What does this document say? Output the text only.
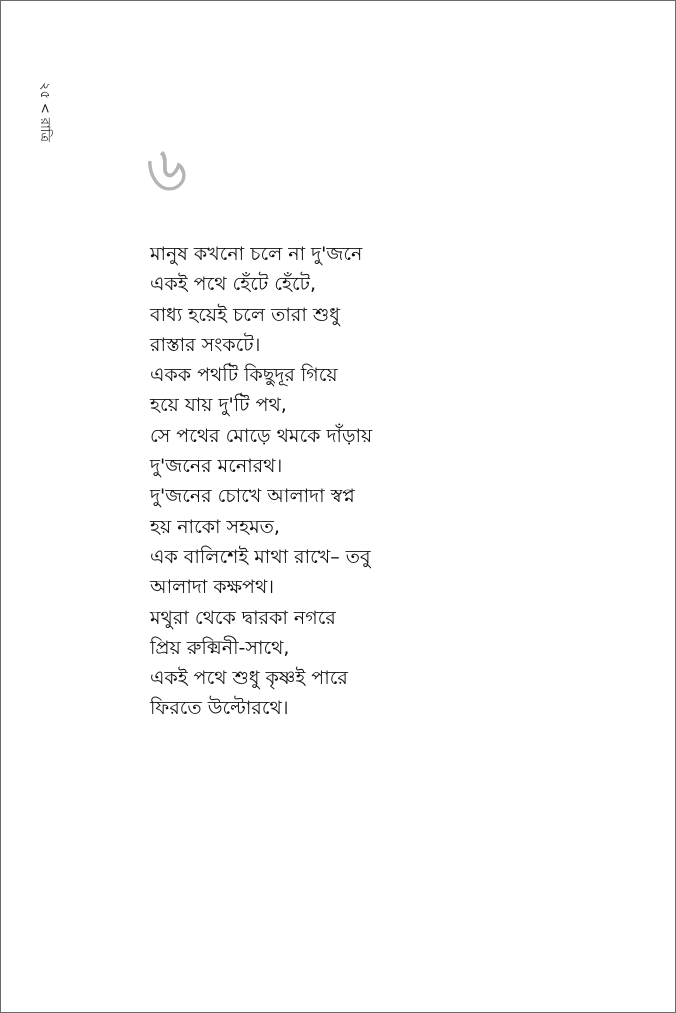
২৫<রাত্রি
৬
মানুষ কখনো চলে না দু'জনে
একই পথে হেঁটে হেঁটে,
বাধ্য হয়েই চলে তারা শুধু
রাস্তার সংকটে।
একক পথটি কিছুদূর গিয়ে
হয়ে যায় দু'টি পথ,
সে পথের মোড়ে থমকে দাঁড়ায়
দু'জনের মনোরথ।
দু'জনের চোখে আলাদা স্বপ্ন
হয় নাকো সহমত,
এক বালিশেই মাথা রাখে– তবু
আলাদা কক্ষপথ।
মথুরা থেকে দ্বারকা নগরে
প্রিয় রুক্মিনী-সাথে,
একই পথে শুধু কৃষ্ণই পারে
ফিরতে উল্টোরথে।
